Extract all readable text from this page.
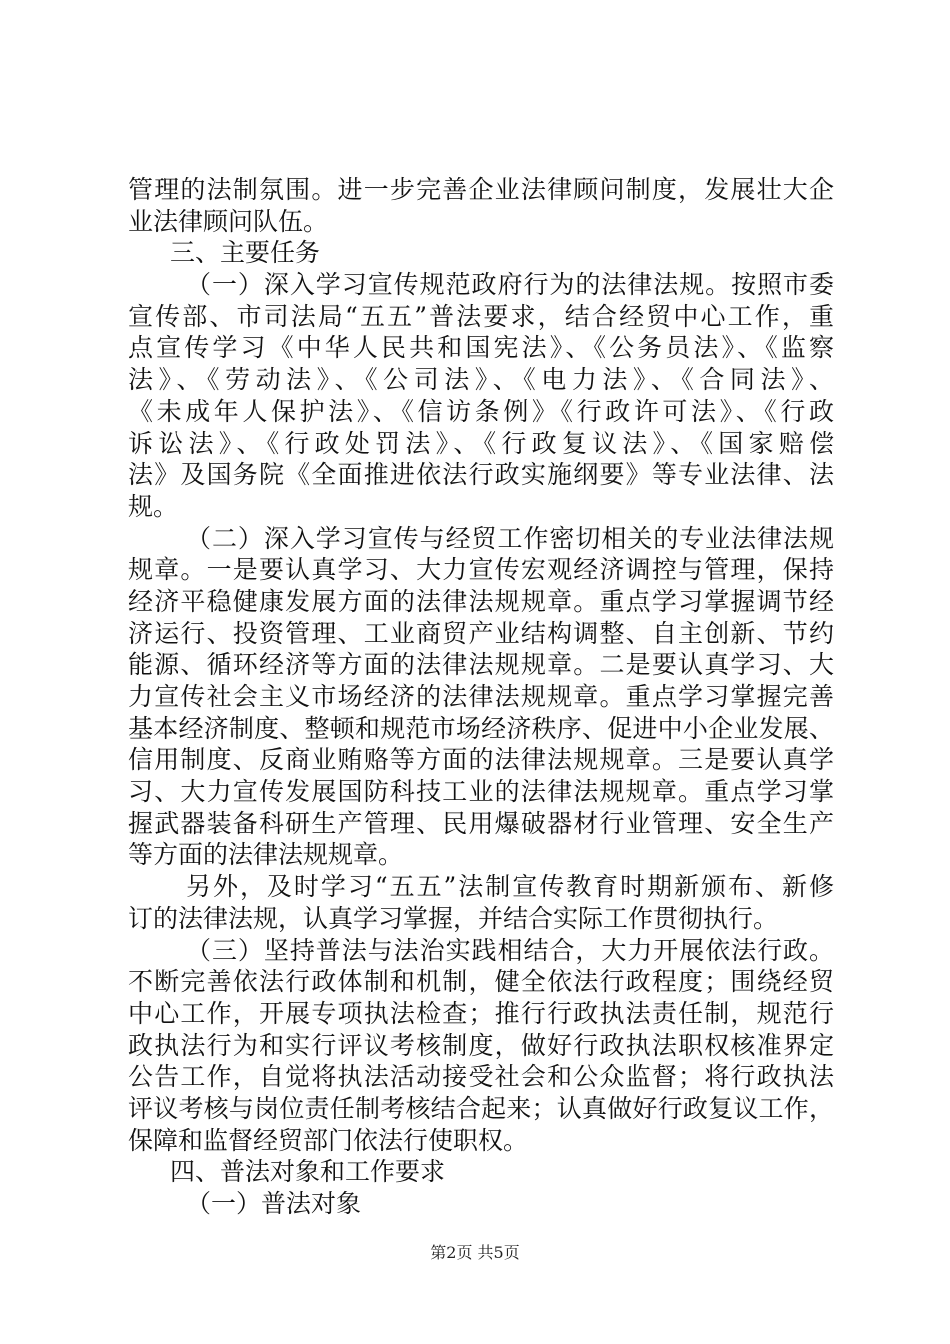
管理的法制氛围。进一步完善企业法律顾问制度，发展壮大企
业法律顾问队伍。
三、主要任务
（一）深入学习宣传规范政府行为的法律法规。按照市委
宣传部、市司法局“五五”普法要求，结合经贸中心工作，重
点宣传学习《中华人民共和国宪法》、《公务员法》、《监察
法》、《劳动法》、《公司法》、《电力法》、《合同法》、
《未成年人保护法》、《信访条例》《行政许可法》、《行政
诉讼法》、《行政处罚法》、《行政复议法》、《国家赔偿
法》及国务院《全面推进依法行政实施纲要》等专业法律、法
规。
（二）深入学习宣传与经贸工作密切相关的专业法律法规
规章。一是要认真学习、大力宣传宏观经济调控与管理，保持
经济平稳健康发展方面的法律法规规章。重点学习掌握调节经
济运行、投资管理、工业商贸产业结构调整、自主创新、节约
能源、循环经济等方面的法律法规规章。二是要认真学习、大
力宣传社会主义市场经济的法律法规规章。重点学习掌握完善
基本经济制度、整顿和规范市场经济秩序、促进中小企业发展、
信用制度、反商业贿赂等方面的法律法规规章。三是要认真学
习、大力宣传发展国防科技工业的法律法规规章。重点学习掌
握武器装备科研生产管理、民用爆破器材行业管理、安全生产
等方面的法律法规规章。
另外，及时学习“五五”法制宣传教育时期新颁布、新修
订的法律法规，认真学习掌握，并结合实际工作贯彻执行。
（三）坚持普法与法治实践相结合，大力开展依法行政。
不断完善依法行政体制和机制，健全依法行政程度；围绕经贸
中心工作，开展专项执法检查；推行行政执法责任制，规范行
政执法行为和实行评议考核制度，做好行政执法职权核准界定
公告工作，自觉将执法活动接受社会和公众监督；将行政执法
评议考核与岗位责任制考核结合起来；认真做好行政复议工作，
保障和监督经贸部门依法行使职权。
四、普法对象和工作要求
（一）普法对象
第2页 共5页
